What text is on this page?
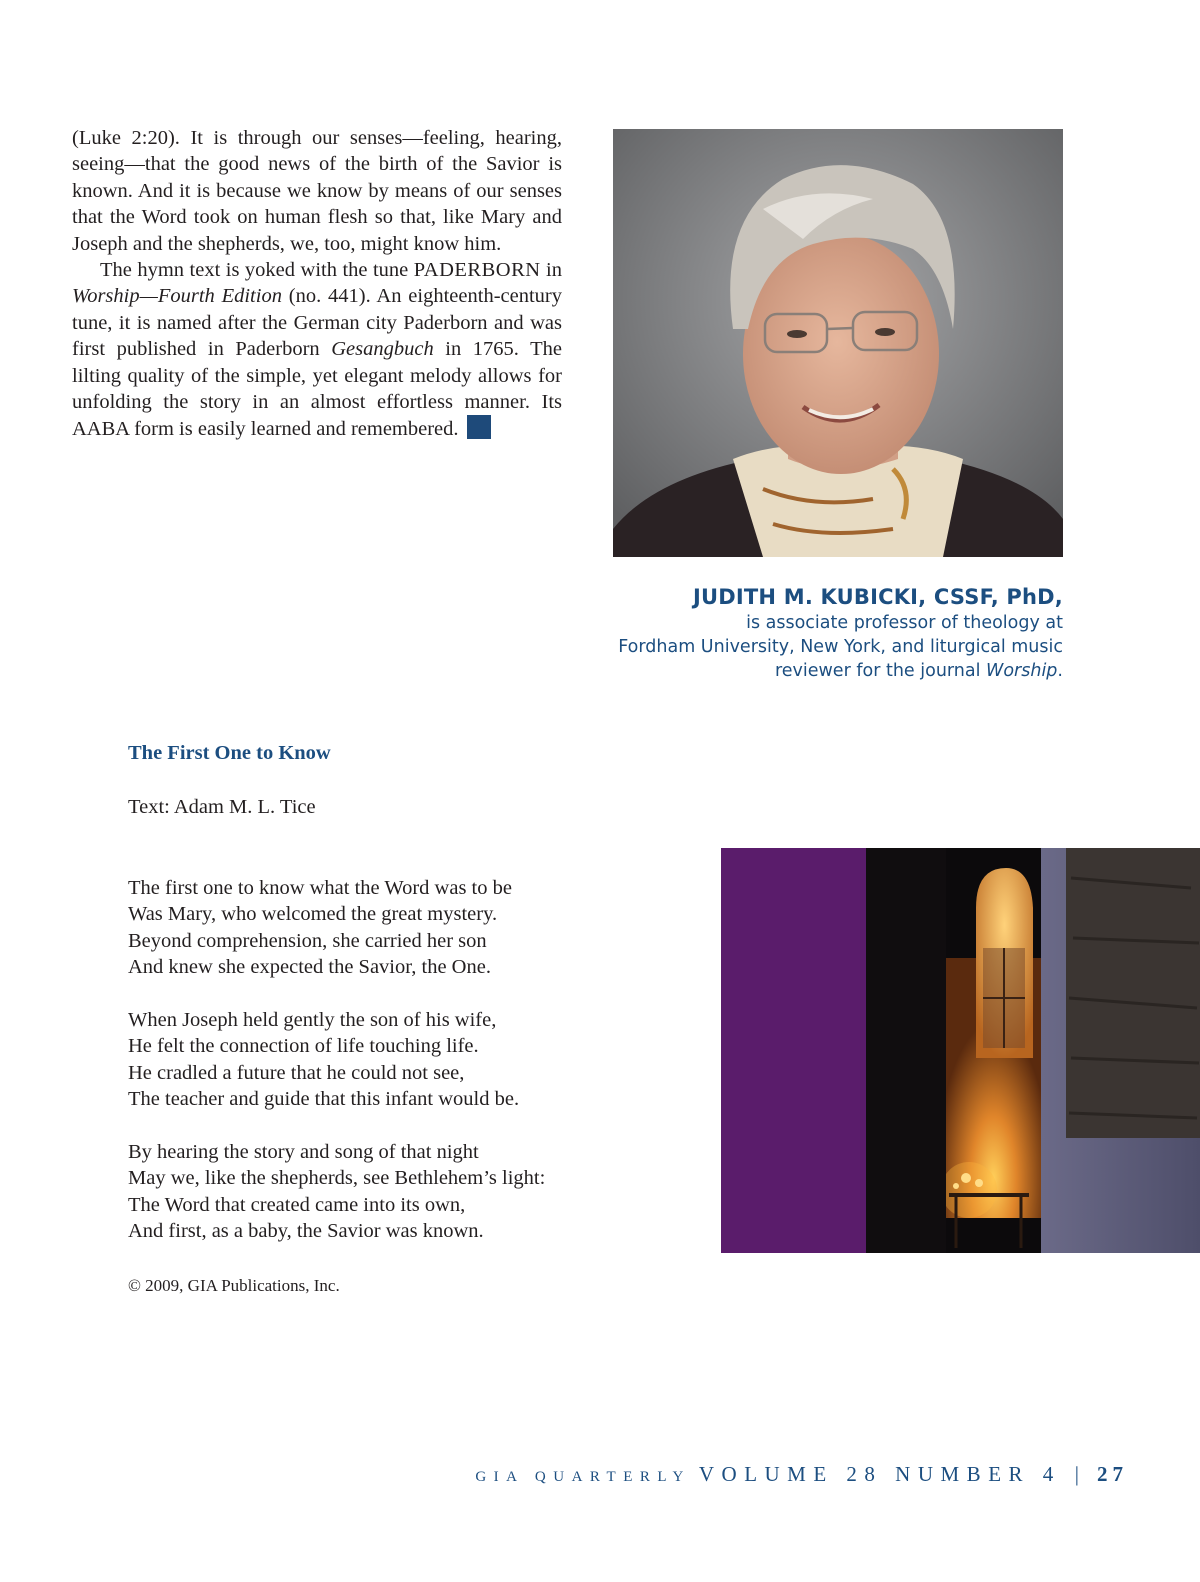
(Luke 2:20). It is through our senses—feeling, hearing, seeing—that the good news of the birth of the Savior is known. And it is because we know by means of our senses that the Word took on human flesh so that, like Mary and Joseph and the shepherds, we, too, might know him.

The hymn text is yoked with the tune PADERBORN in Worship—Fourth Edition (no. 441). An eighteenth-century tune, it is named after the German city Paderborn and was first published in Paderborn Gesangbuch in 1765. The lilting quality of the simple, yet elegant melody allows for unfolding the story in an almost effortless manner. Its AABA form is easily learned and remembered.

JUDITH M. KUBICKI, CSSF, PhD,
is associate professor of theology at
Fordham University, New York, and liturgical music
reviewer for the journal Worship.
The First One to Know
Text: Adam M. L. Tice
The first one to know what the Word was to be
Was Mary, who welcomed the great mystery.
Beyond comprehension, she carried her son
And knew she expected the Savior, the One.
When Joseph held gently the son of his wife,
He felt the connection of life touching life.
He cradled a future that he could not see,
The teacher and guide that this infant would be.
By hearing the story and song of that night
May we, like the shepherds, see Bethlehem’s light:
The Word that created came into its own,
And first, as a baby, the Savior was known.
© 2009, GIA Publications, Inc.
GIA QUARTERLY VOLUME 28 NUMBER 4 | 27
